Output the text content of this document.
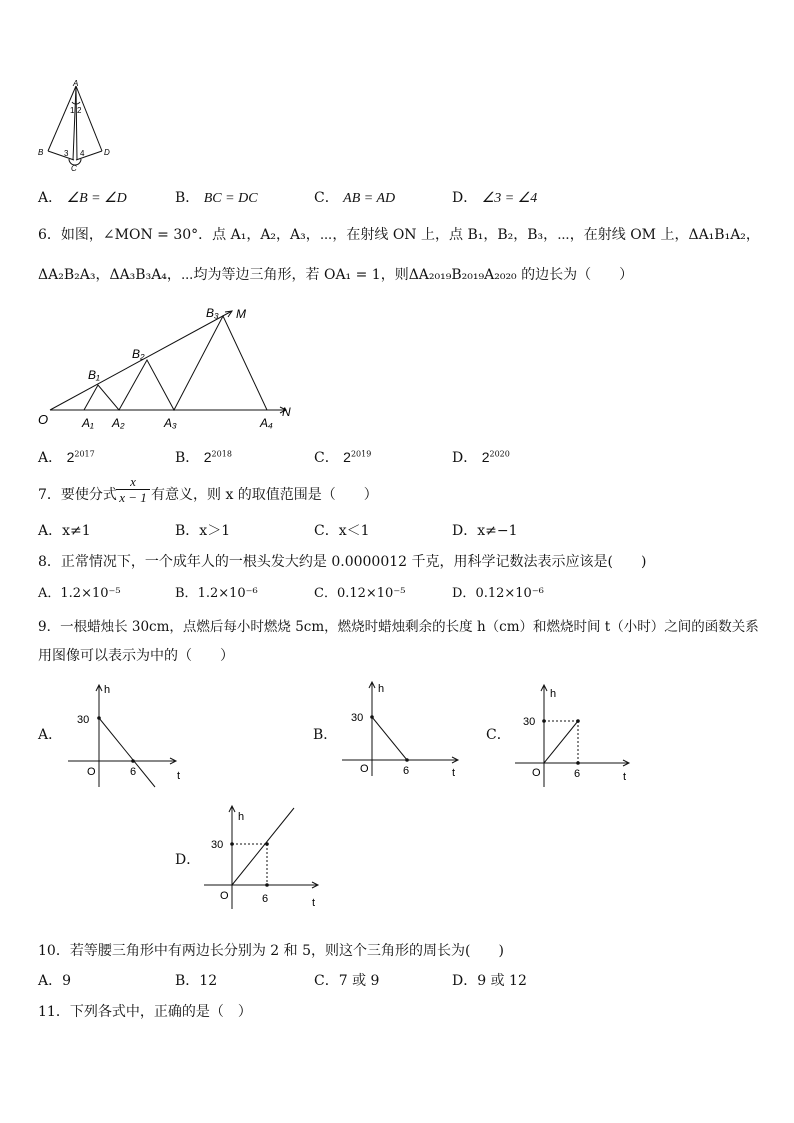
A
B
C
D
1 2
3 4
A． ∠B = ∠D	B． BC = DC	C． AB = AD	D． ∠3 = ∠4
6．如图，∠MON = 30°．点 A₁，A₂，A₃，⋯，在射线 ON 上，点 B₁，B₂，B₃，⋯，在射线 OM 上，ΔA₁B₁A₂，
ΔA₂B₂A₃，ΔA₃B₃A₄，⋯均为等边三角形，若 OA₁ = 1，则ΔA₂₀₁₉B₂₀₁₉A₂₀₂₀ 的边长为（　　）
O
M
N
A₁ A₂	A₃	A₄
B₁
B₂
B₃
A． $2^{2017}$	B． $2^{2018}$	C． $2^{2019}$	D． $2^{2020}$
7．要使分式
x
x − 1 有意义，则 x 的取值范围是（　　）
A．x≠1	B．x＞1	C．x＜1	D．x≠−1
8．正常情况下，一个成年人的一根头发大约是 0.0000012 千克，用科学记数法表示应该是(　　)
A．1.2×10⁻⁵	B．1.2×10⁻⁶	C．0.12×10⁻⁵	D．0.12×10⁻⁶
9．一根蜡烛长 30cm，点燃后每小时燃烧 5cm，燃烧时蜡烛剩余的长度 h（cm）和燃烧时间 t（小时）之间的函数关系
用图像可以表示为中的（　　）
A．
h
30
O	6	t
B．
h
30
O	6	t
C．
h
30
O	6	t
D．
h
30
O	6	t
10．若等腰三角形中有两边长分别为 2 和 5，则这个三角形的周长为(　　)
A．9	B．12	C．7 或 9	D．9 或 12
11．下列各式中，正确的是（　）
